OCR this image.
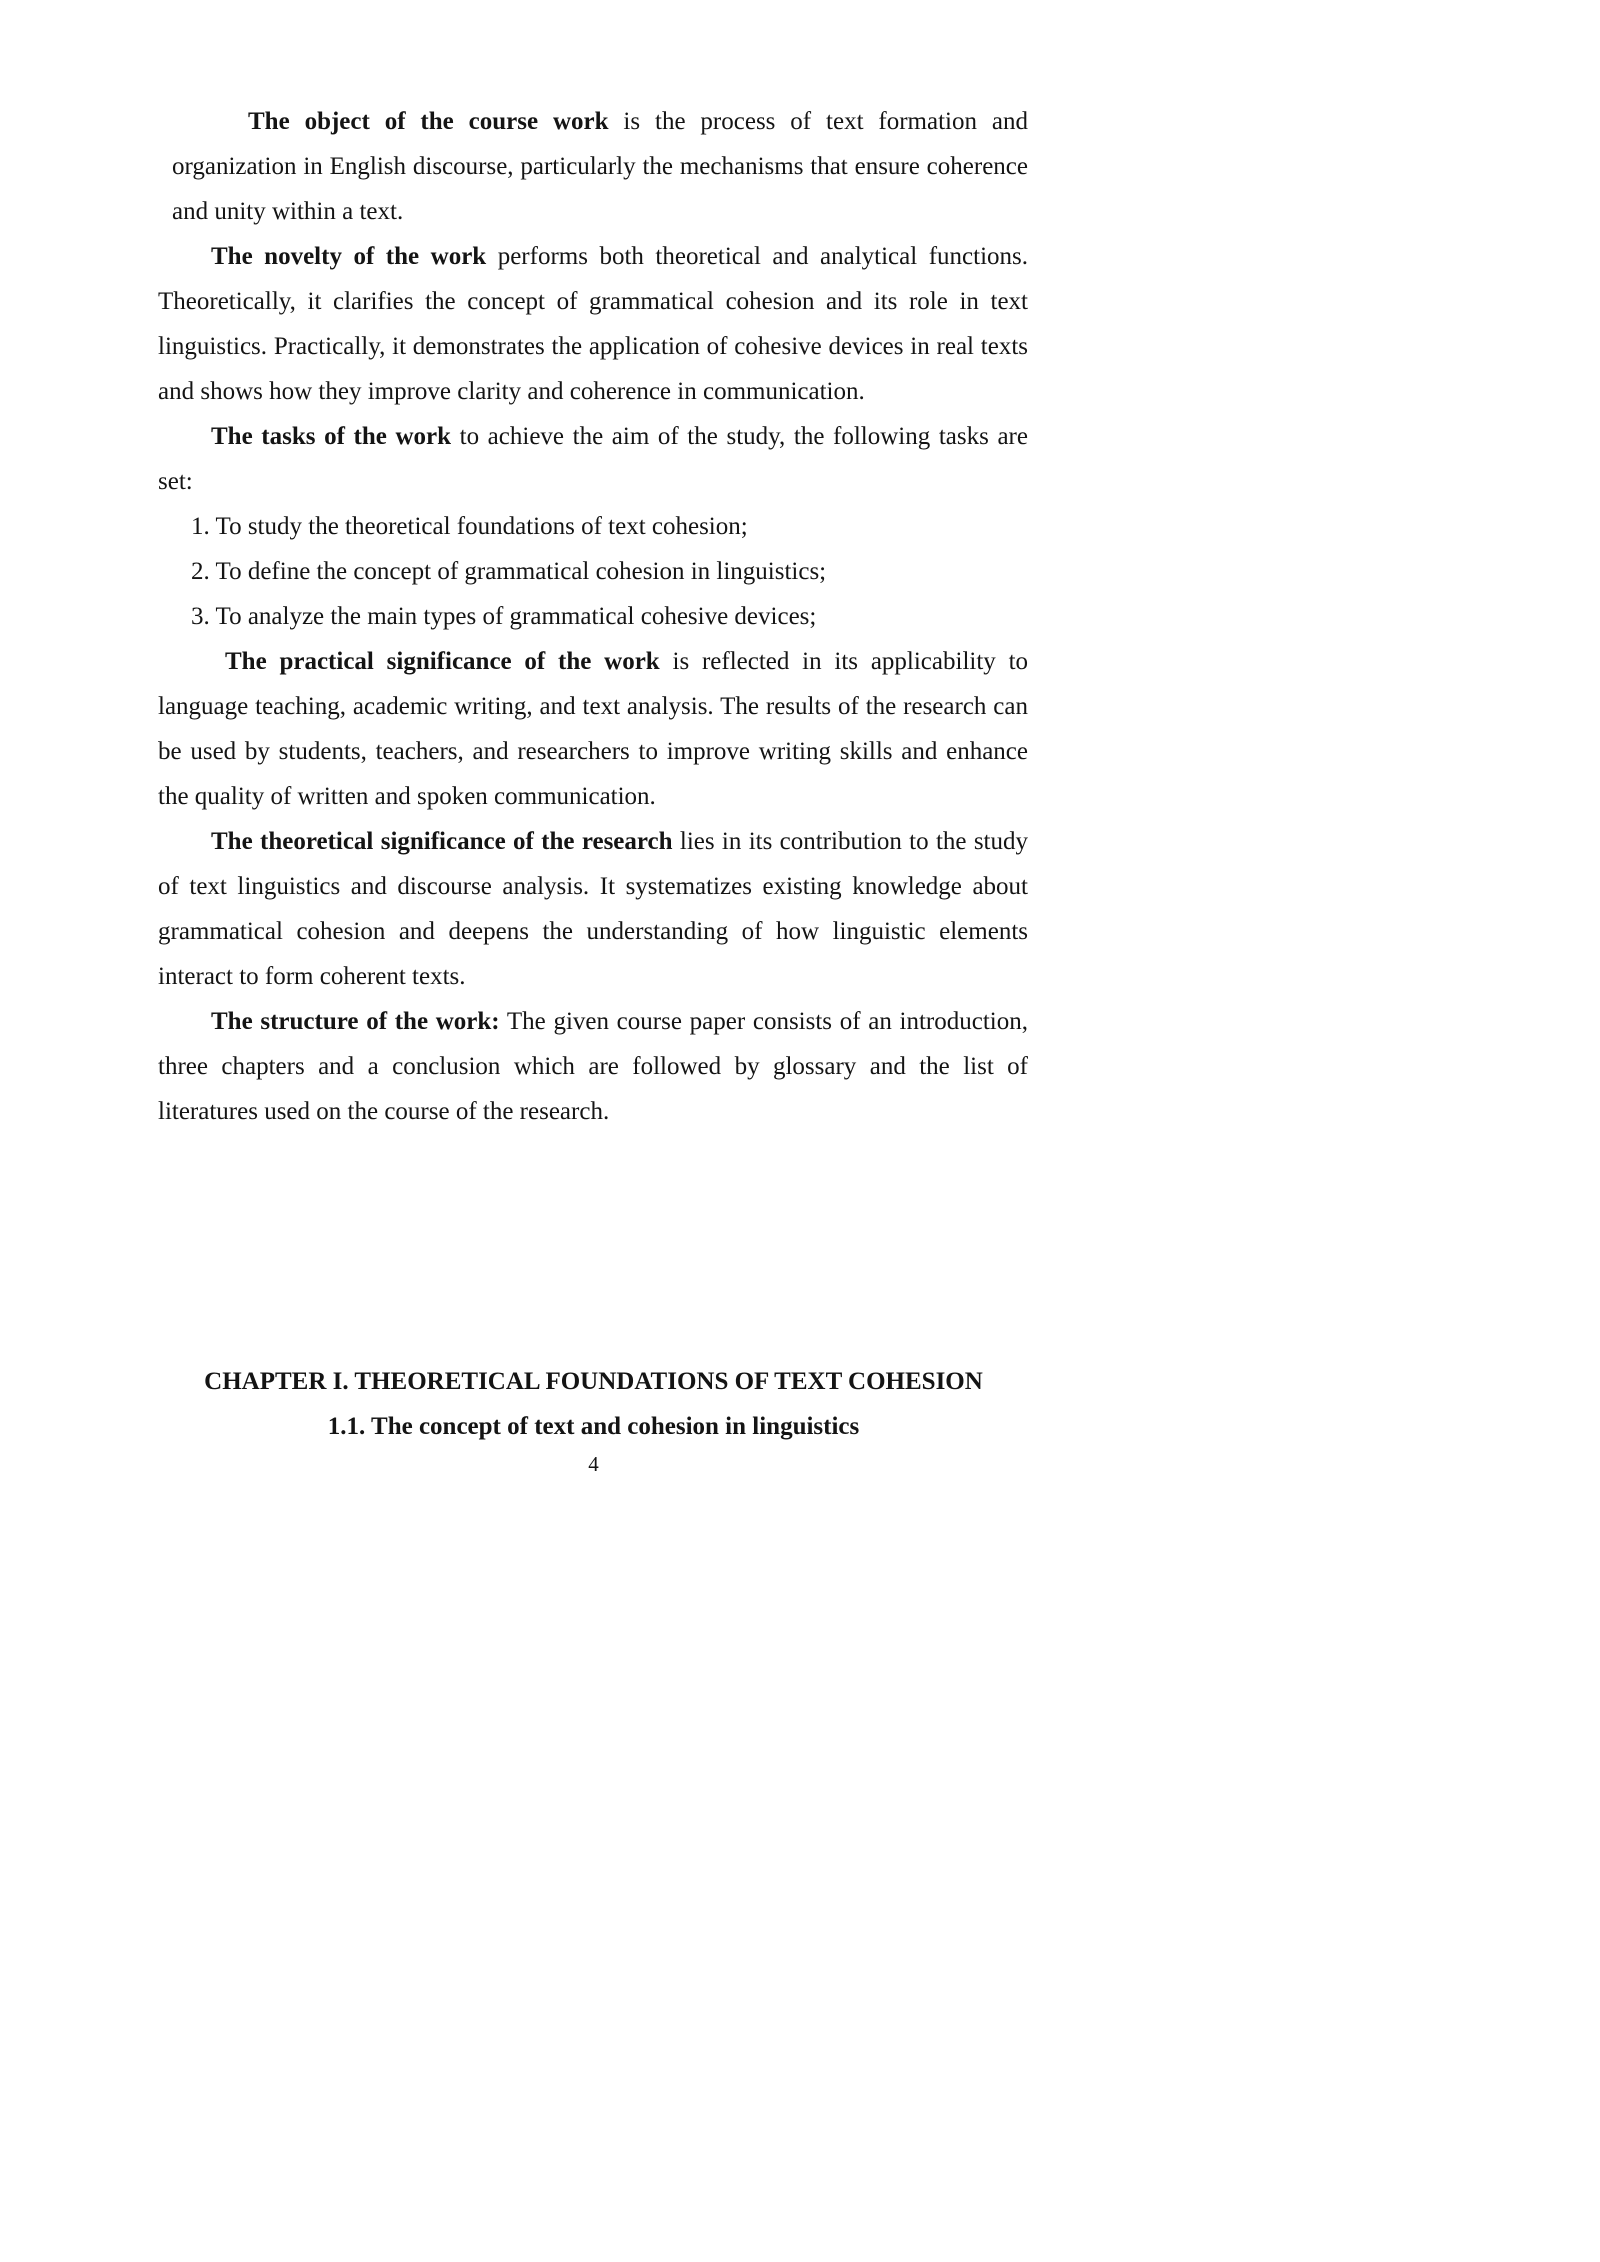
The object of the course work is the process of text formation and organization in English discourse, particularly the mechanisms that ensure coherence and unity within a text.

The novelty of the work performs both theoretical and analytical functions. Theoretically, it clarifies the concept of grammatical cohesion and its role in text linguistics. Practically, it demonstrates the application of cohesive devices in real texts and shows how they improve clarity and coherence in communication.

The tasks of the work to achieve the aim of the study, the following tasks are set:

1. To study the theoretical foundations of text cohesion;
2. To define the concept of grammatical cohesion in linguistics;
3. To analyze the main types of grammatical cohesive devices;

The practical significance of the work is reflected in its applicability to language teaching, academic writing, and text analysis. The results of the research can be used by students, teachers, and researchers to improve writing skills and enhance the quality of written and spoken communication.

The theoretical significance of the research lies in its contribution to the study of text linguistics and discourse analysis. It systematizes existing knowledge about grammatical cohesion and deepens the understanding of how linguistic elements interact to form coherent texts.

The structure of the work: The given course paper consists of an introduction, three chapters and a conclusion which are followed by glossary and the list of literatures used on the course of the research.

CHAPTER I. THEORETICAL FOUNDATIONS OF TEXT COHESION
1.1. The concept of text and cohesion in linguistics
4
